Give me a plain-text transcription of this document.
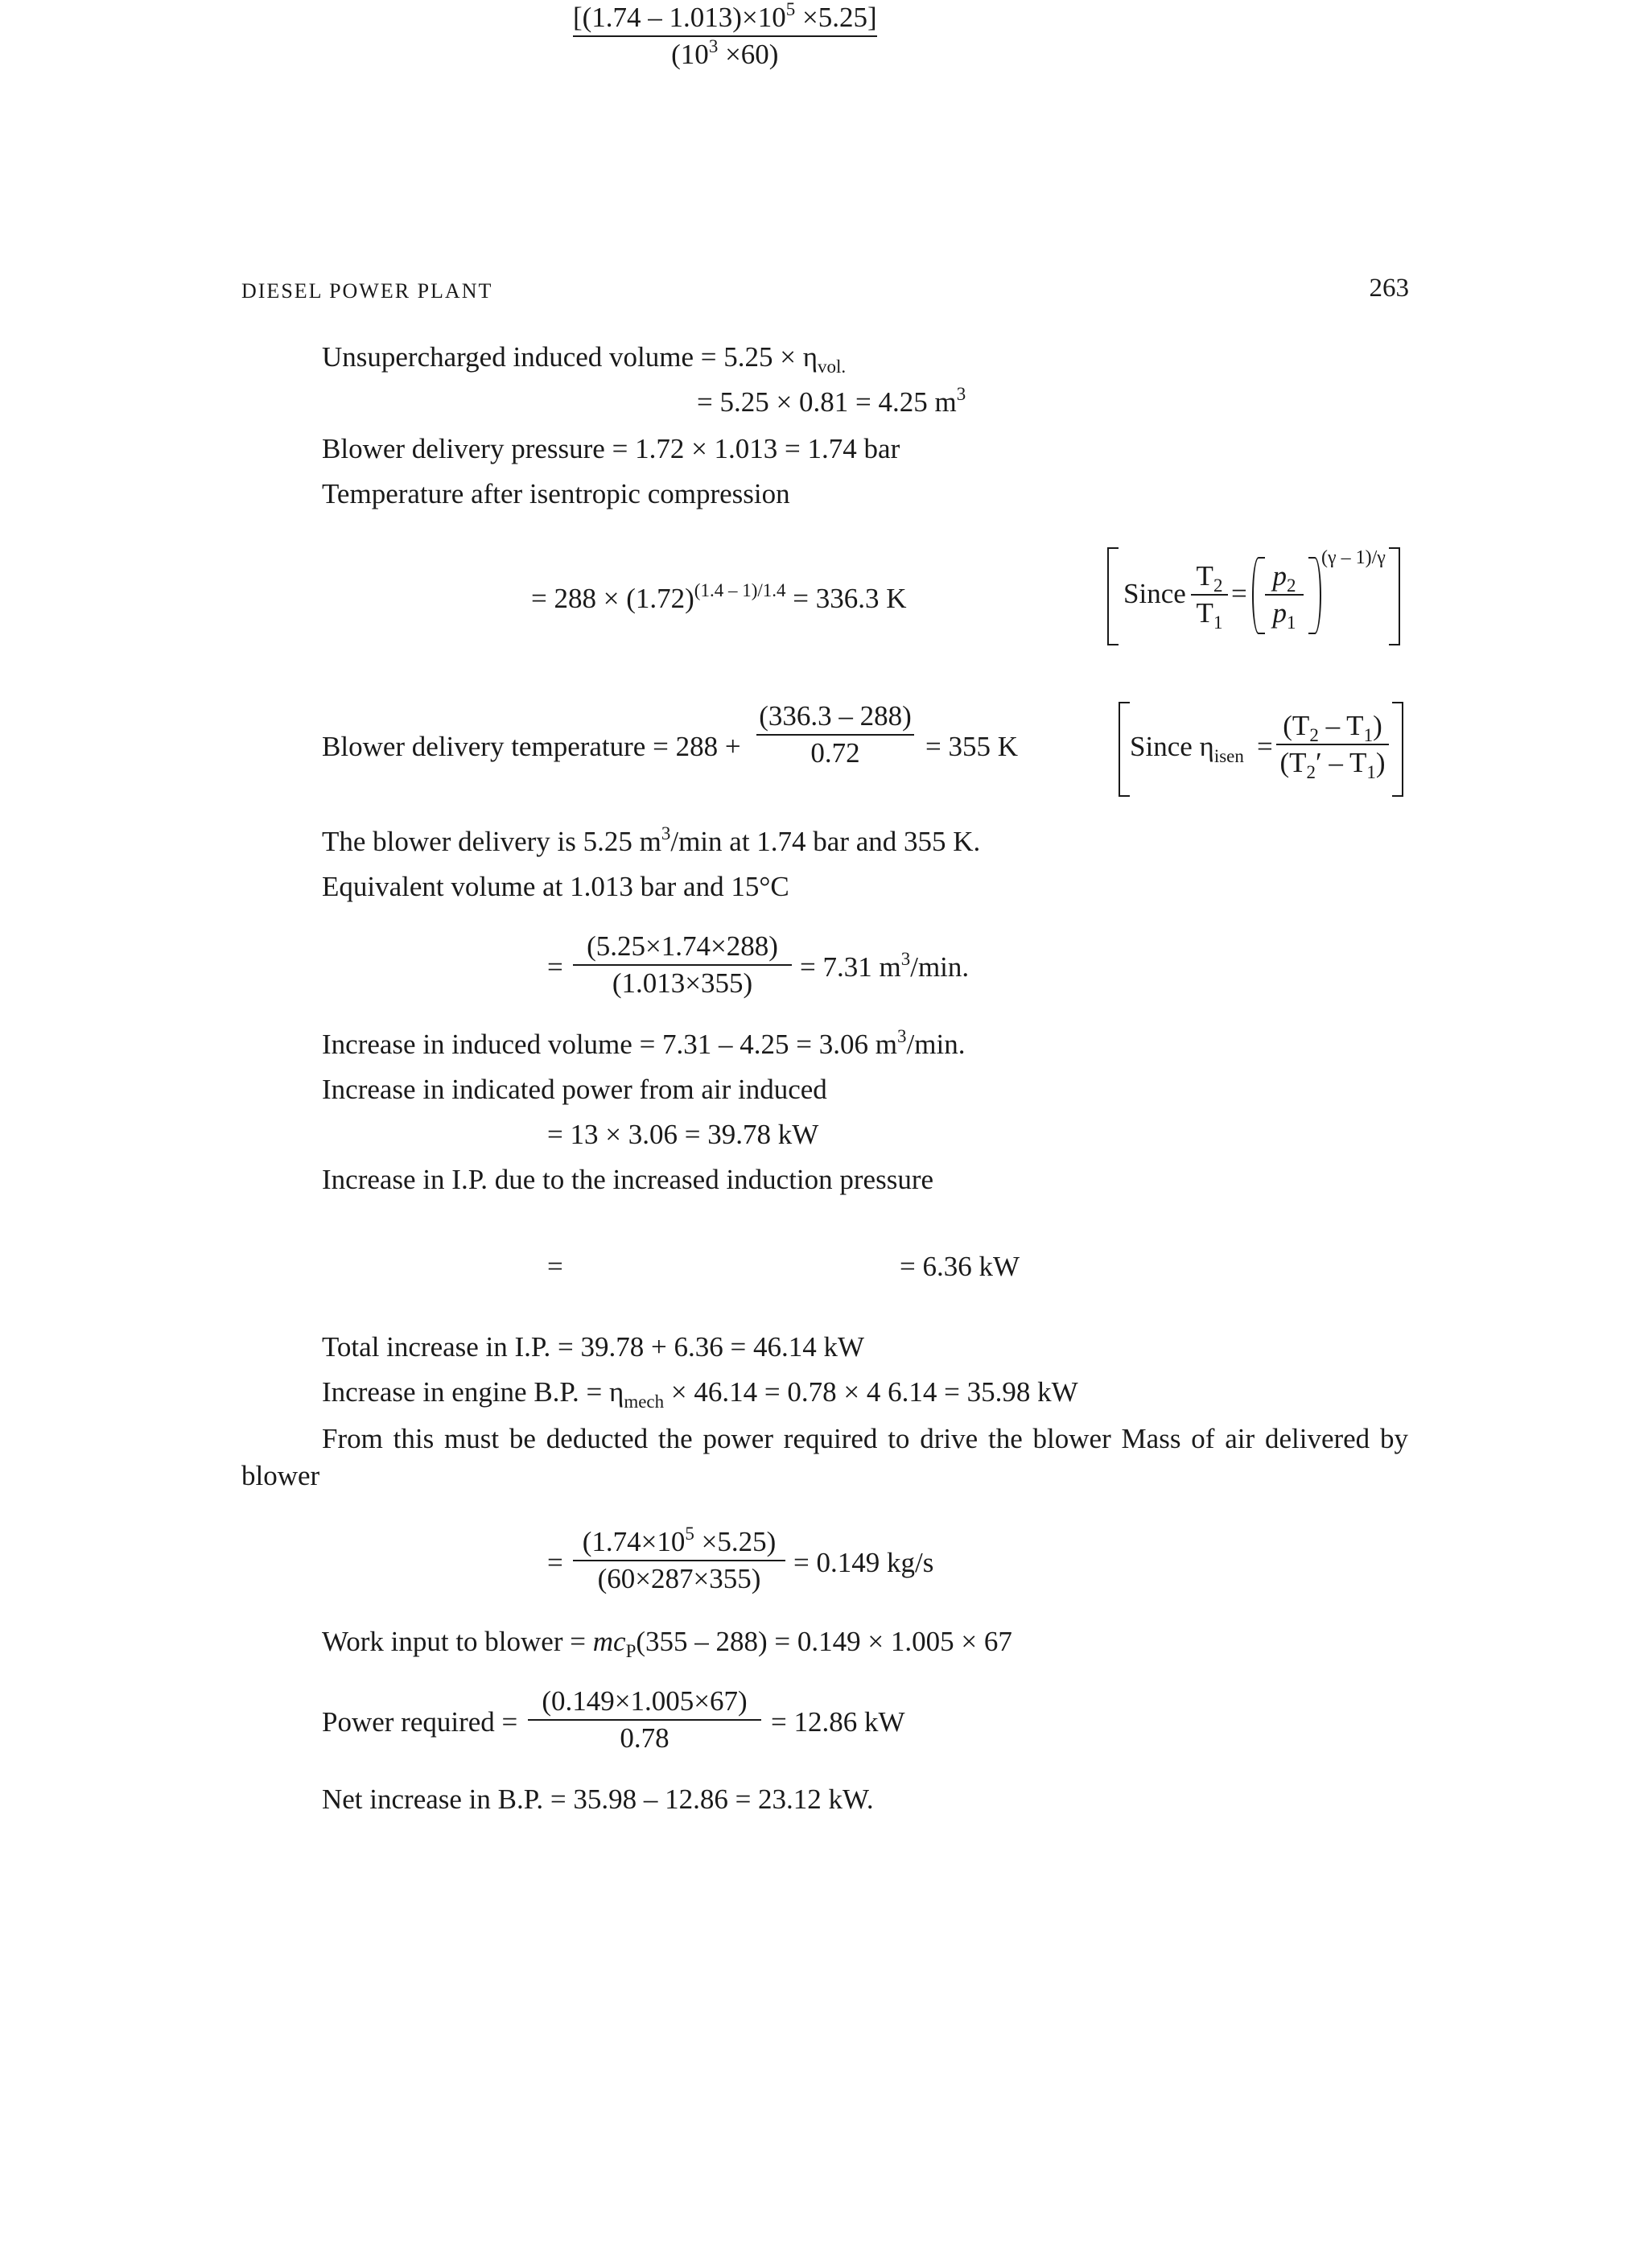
DIESEL POWER PLANT	263
Unsupercharged induced volume = $5.25 \times \eta_{vol.}$
= 5.25 × 0.81 = 4.25 $m^3$
Blower delivery pressure = 1.72 × 1.013 = 1.74 bar
Temperature after isentropic compression
= $288 \times (1.72)^{(1.4 - 1)/1.4} = 336.3$ K	Since
$T_2$
$T_1$
=
$p_2$
$p_1$
(γ – 1)/γ
Blower delivery temperature = 288 +
(336.3 – 288)
0.72	= 355 K	Since $\eta_{isen}$ =
$(T_2 - T_1)$
$(T_2' - T_1)$
The blower delivery is 5.25 $m^3/\min$ at 1.74 bar and 355 K.
Equivalent volume at 1.013 bar and 15°C
=
(5.25×1.74×288)
(1.013×355)
= 7.31 $m^3/\min$.
Increase in induced volume = 7.31 – 4.25 = 3.06 $m^3/\min$.
Increase in indicated power from air induced
= 13 × 3.06 = 39.78 kW
Increase in I.P. due to the increased induction pressure
=
$[(1.74 - 1.013)\times 10^5 \times 5.25]$
$(10^3 \times 60)$
= 6.36 kW
Total increase in I.P. = 39.78 + 6.36 = 46.14 kW
Increase in engine B.P. = $\eta_{mech} \times 46.14 = 0.78 \times 4$ 6.14 = 35.98 kW
From this must be deducted the power required to drive the blower Mass of air delivered by
blower
=
$(1.74\times 10^5 \times 5.25)$
(60×287×355)
= 0.149 kg/s
Work input to blower = $mc_P(355 - 288) = 0.149 \times 1.005 \times 67$
Power required =
(0.149×1.005×67)
0.78
= 12.86 kW
Net increase in B.P. = 35.98 – 12.86 = 23.12 kW.
